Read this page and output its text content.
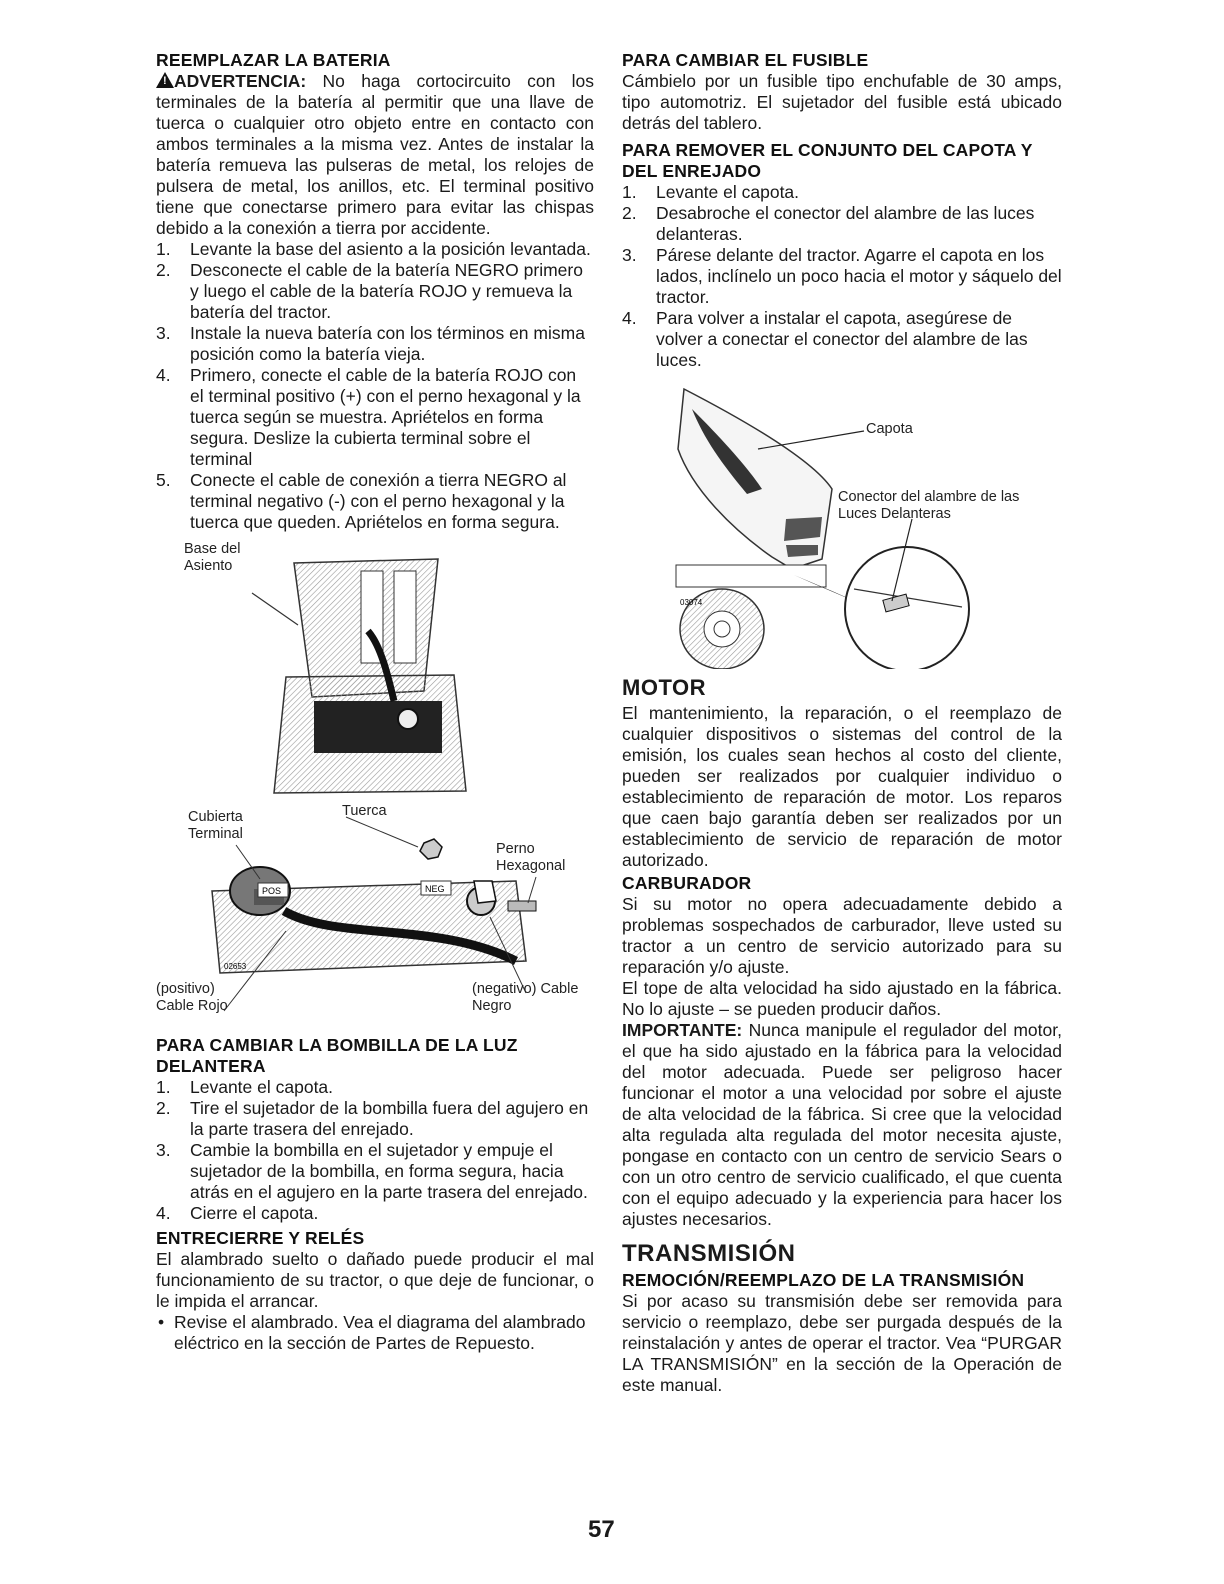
REEMPLAZAR LA BATERIA

! ADVERTENCIA: No haga cortocircuito con los terminales de la batería al permitir que una llave de tuerca o cualquier otro objeto entre en contacto con ambos terminales a la misma vez. Antes de instalar la batería remueva las pulseras de metal, los relojes de pulsera de metal, los anillos, etc. El terminal positivo tiene que conectarse primero para evitar las chispas debido a la conexión a tierra por accidente.

1. Levante la base del asiento a la posición levantada.
2. Desconecte el cable de la batería NEGRO primero y luego el cable de la batería ROJO y remueva la batería del tractor.
3. Instale la nueva batería con los términos en misma posición como la batería vieja.
4. Primero, conecte el cable de la batería ROJO con el terminal positivo (+) con el perno hexagonal y la tuerca según se muestra. Apriételos en forma segura. Deslize la cubierta terminal sobre el terminal
5. Conecte el cable de conexión a tierra NEGRO al terminal negativo (-) con el perno hexagonal y la tuerca que queden. Apriételos en forma segura.
NEG
POS
02653
Base del Asiento
Cubierta Terminal
Tuerca
Perno Hexagonal
(positivo) Cable Rojo
(negativo) Cable Negro
PARA CAMBIAR LA BOMBILLA DE LA LUZ DELANTERA
1. Levante el capota.
2. Tire el sujetador de la bombilla fuera del agujero en la parte trasera del enrejado.
3. Cambie la bombilla en el sujetador y empuje el sujetador de la bombilla, en forma segura, hacia atrás en el agujero en la parte trasera del enrejado.
4. Cierre el capota.
ENTRECIERRE Y RELÉS

El alambrado suelto o dañado puede producir el mal funcionamiento de su tractor, o que deje de funcionar, o le impida el arrancar.

• Revise el alambrado. Vea el diagrama del alambrado eléctrico en la sección de Partes de Repuesto.
PARA CAMBIAR EL FUSIBLE

Cámbielo por un fusible tipo enchufable de 30 amps, tipo automotriz. El sujetador del fusible está ubicado detrás del tablero.

PARA REMOVER EL CONJUNTO DEL CAPOTA Y DEL ENREJADO
1. Levante el capota.
2. Desabroche el conector del alambre de las luces delanteras.
3. Párese delante del tractor. Agarre el capota en los lados, inclínelo un poco hacia el motor y sáquelo del tractor.
4. Para volver a instalar el capota, asegúrese de volver a conectar el conector del alambre de las luces.
03074
Capota
Conector del alambre de las Luces Delanteras
MOTOR

El mantenimiento, la reparación, o el reemplazo de cualquier dispositivos o sistemas del control de la emisión, los cuales sean hechos al costo del cliente, pueden ser realizados por cualquier individuo o establecimiento de reparación de motor. Los reparos que caen bajo garantía deben ser realizados por un establecimiento de servicio de reparación de motor autorizado.

CARBURADOR

Si su motor no opera adecuadamente debido a problemas sospechados de carburador, lleve usted su tractor a un centro de servicio autorizado para su reparación y/o ajuste.

El tope de alta velocidad ha sido ajustado en la fábrica. No lo ajuste – se pueden producir daños.

IMPORTANTE: Nunca manipule el regulador del motor, el que ha sido ajustado en la fábrica para la velocidad del motor adecuada. Puede ser peligroso hacer funcionar el motor a una velocidad por sobre el ajuste de alta velocidad de la fábrica. Si cree que la velocidad alta regulada alta regulada del motor necesita ajuste, pongase en contacto con un centro de servicio Sears o con un otro centro de servicio cualificado, el que cuenta con el equipo adecuado y la experiencia para hacer los ajustes necesarios.

TRANSMISIÓN
REMOCIÓN/REEMPLAZO DE LA TRANSMISIÓN

Si por acaso su transmisión debe ser removida para servicio o reemplazo, debe ser purgada después de la reinstalación y antes de operar el tractor. Vea “PURGAR LA TRANSMISIÓN” en la sección de la Operación de este manual.

57
